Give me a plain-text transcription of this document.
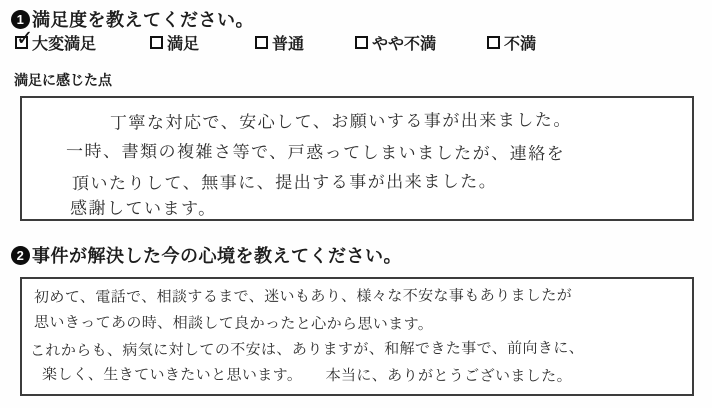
1 満足度を教えてください。
✓
大変満足	満足	普通	やや不満	不満
満足に感じた点
丁寧な対応で、安心して、お願いする事が出来ました。
一時、書類の複雑さ等で、戸惑ってしまいましたが、連絡を
頂いたりして、無事に、提出する事が出来ました。
感謝しています。
2 事件が解決した今の心境を教えてください。
初めて、電話で、相談するまで、迷いもあり、様々な不安な事もありましたが
思いきってあの時、相談して良かったと心から思います。
これからも、病気に対しての不安は、ありますが、和解できた事で、前向きに、
楽しく、生きていきたいと思います。　　本当に、ありがとうございました。
